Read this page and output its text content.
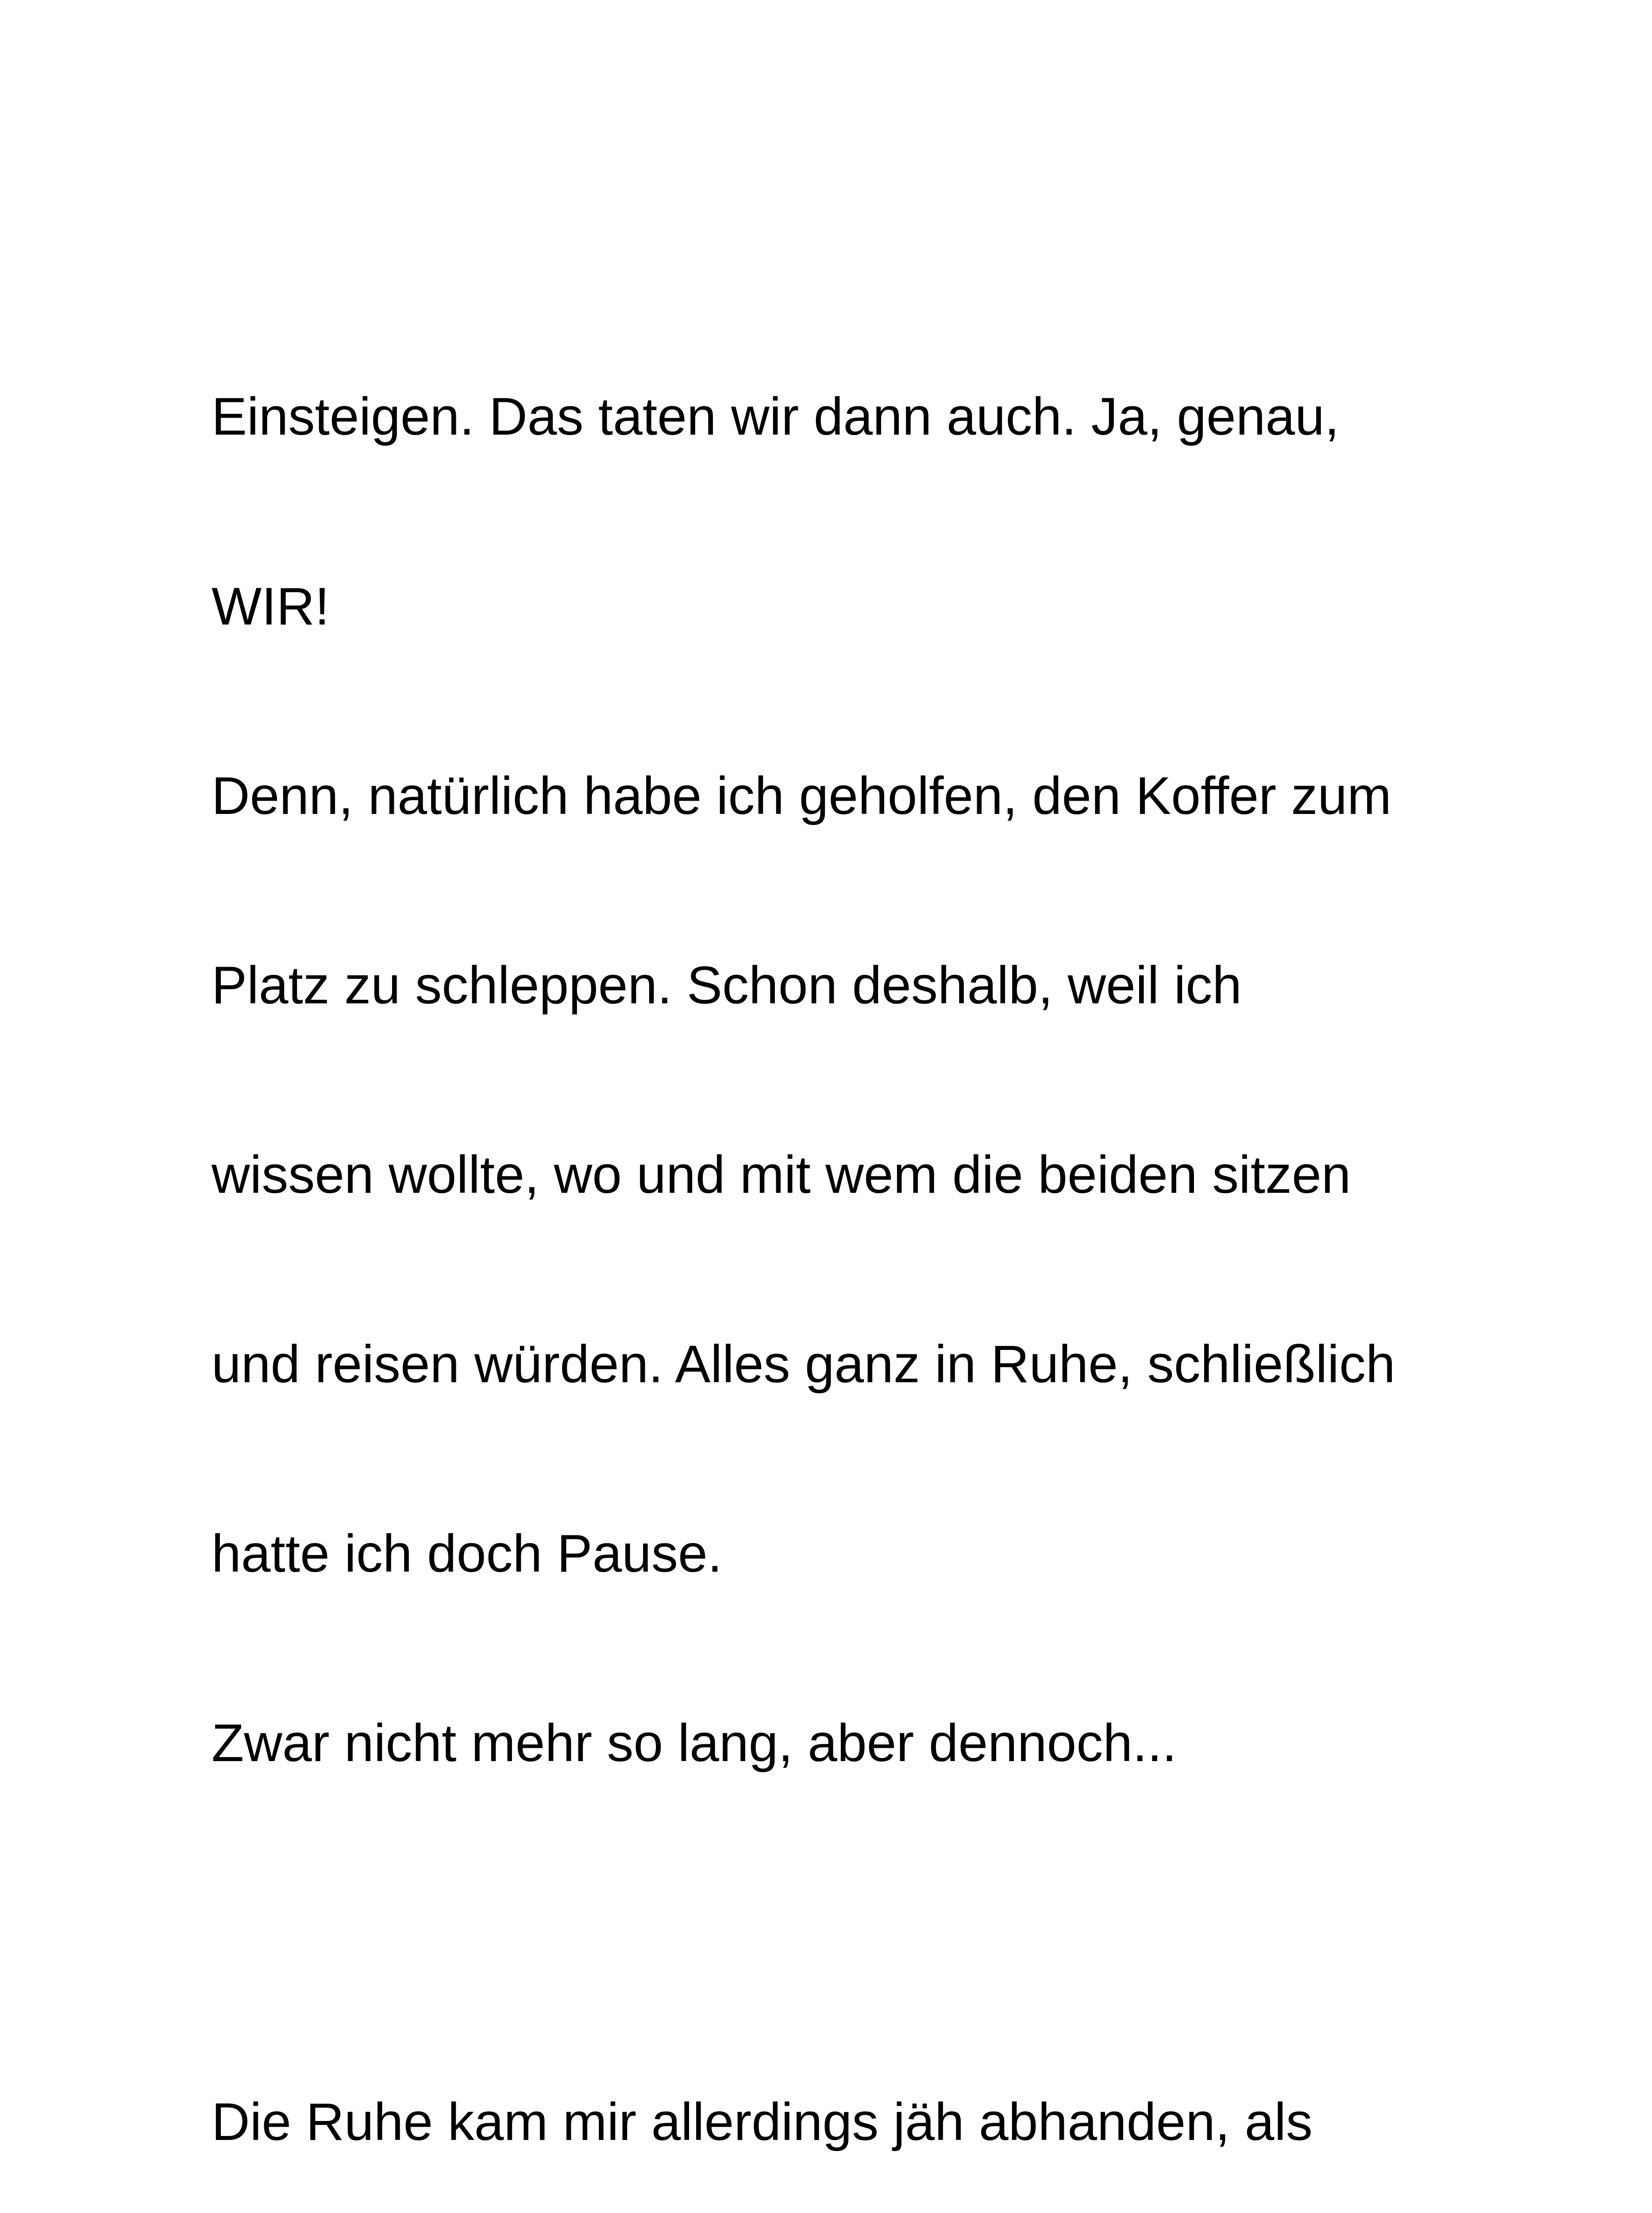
Einsteigen. Das taten wir dann auch. Ja, genau,

WIR!

Denn, natürlich habe ich geholfen, den Koffer zum

Platz zu schleppen. Schon deshalb, weil ich

wissen wollte, wo und mit wem die beiden sitzen

und reisen würden. Alles ganz in Ruhe, schließlich

hatte ich doch Pause.

Zwar nicht mehr so lang, aber dennoch...

Die Ruhe kam mir allerdings jäh abhanden, als
